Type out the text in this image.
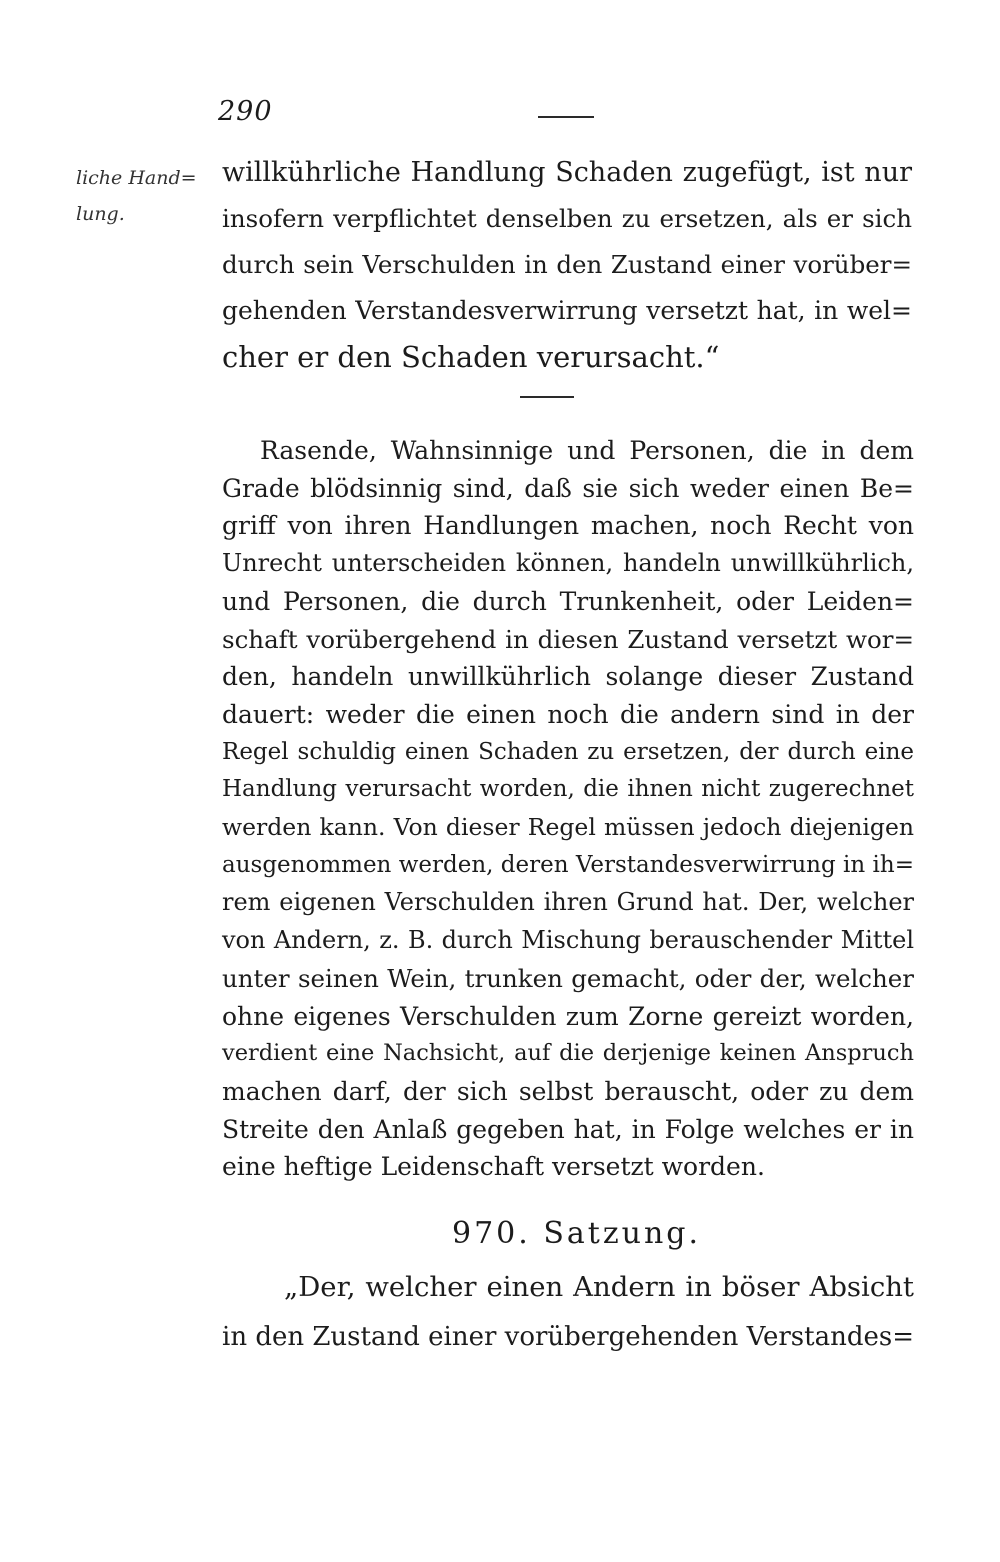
290
liche Hand=
lung.
willkührliche Handlung Schaden zugefügt, ist nur
insofern verpflichtet denselben zu ersetzen, als er sich
durch sein Verschulden in den Zustand einer vorüber=
gehenden Verstandesverwirrung versetzt hat, in wel=
cher er den Schaden verursacht.“
Rasende, Wahnsinnige und Personen, die in dem
Grade blödsinnig sind, daß sie sich weder einen Be=
griff von ihren Handlungen machen, noch Recht von
Unrecht unterscheiden können, handeln unwillkührlich,
und Personen, die durch Trunkenheit, oder Leiden=
schaft vorübergehend in diesen Zustand versetzt wor=
den, handeln unwillkührlich solange dieser Zustand
dauert: weder die einen noch die andern sind in der
Regel schuldig einen Schaden zu ersetzen, der durch eine
Handlung verursacht worden, die ihnen nicht zugerechnet
werden kann. Von dieser Regel müssen jedoch diejenigen
ausgenommen werden, deren Verstandesverwirrung in ih=
rem eigenen Verschulden ihren Grund hat. Der, welcher
von Andern, z. B. durch Mischung berauschender Mittel
unter seinen Wein, trunken gemacht, oder der, welcher
ohne eigenes Verschulden zum Zorne gereizt worden,
verdient eine Nachsicht, auf die derjenige keinen Anspruch
machen darf, der sich selbst berauscht, oder zu dem
Streite den Anlaß gegeben hat, in Folge welches er in
eine heftige Leidenschaft versetzt worden.
970. Satzung.
„Der, welcher einen Andern in böser Absicht
in den Zustand einer vorübergehenden Verstandes=
